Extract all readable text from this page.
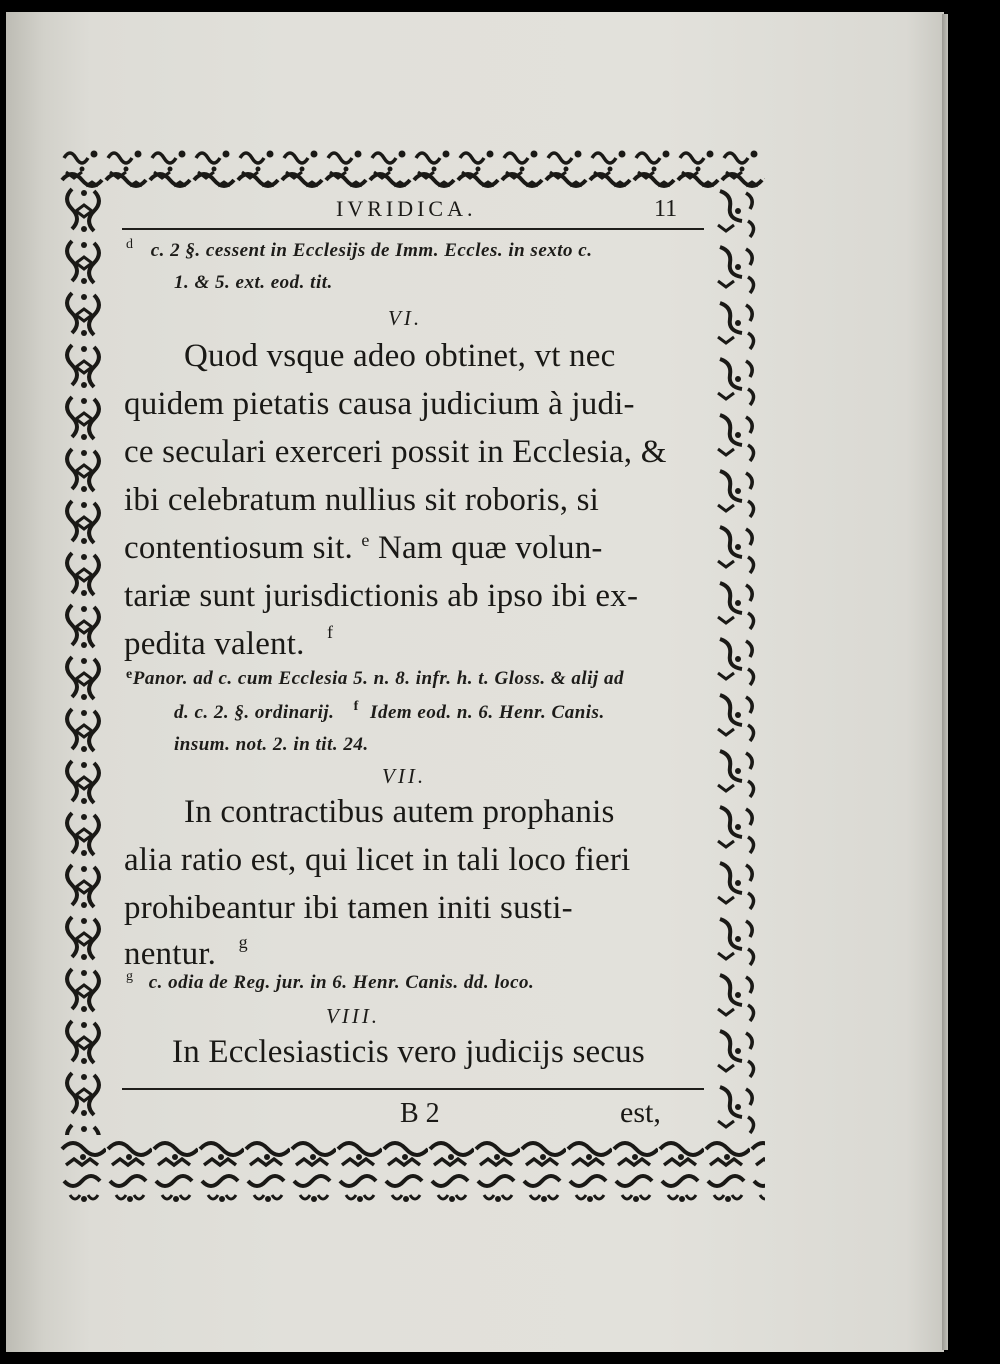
IVRIDICA.	11
$^d$ c. 2 §. cessent in Ecclesijs de Imm. Eccles. in sexto c.
1. & 5. ext. eod. tit.
VI.
Quod vsque adeo obtinet, vt nec
quidem pietatis causa judicium à judi-
ce seculari exerceri possit in Ecclesia, &
ibi celebratum nullius sit roboris, si
contentiosum sit. $^e$ Nam quæ volun-
tariæ sunt jurisdictionis ab ipso ibi ex-
pedita valent. $^f$
$^e$Panor. ad c. cum Ecclesia 5. n. 8. infr. h. t. Gloss. & alij ad
d. c. 2. §. ordinarij. $^f$ Idem eod. n. 6. Henr. Canis.
insum. not. 2. in tit. 24.
VII.
In contractibus autem prophanis
alia ratio est, qui licet in tali loco fieri
prohibeantur ibi tamen initi susti-
nentur. $^g$
$^g$ c. odia de Reg. jur. in 6. Henr. Canis. dd. loco.
VIII.
In Ecclesiasticis vero judicijs secus
B 2	est,
